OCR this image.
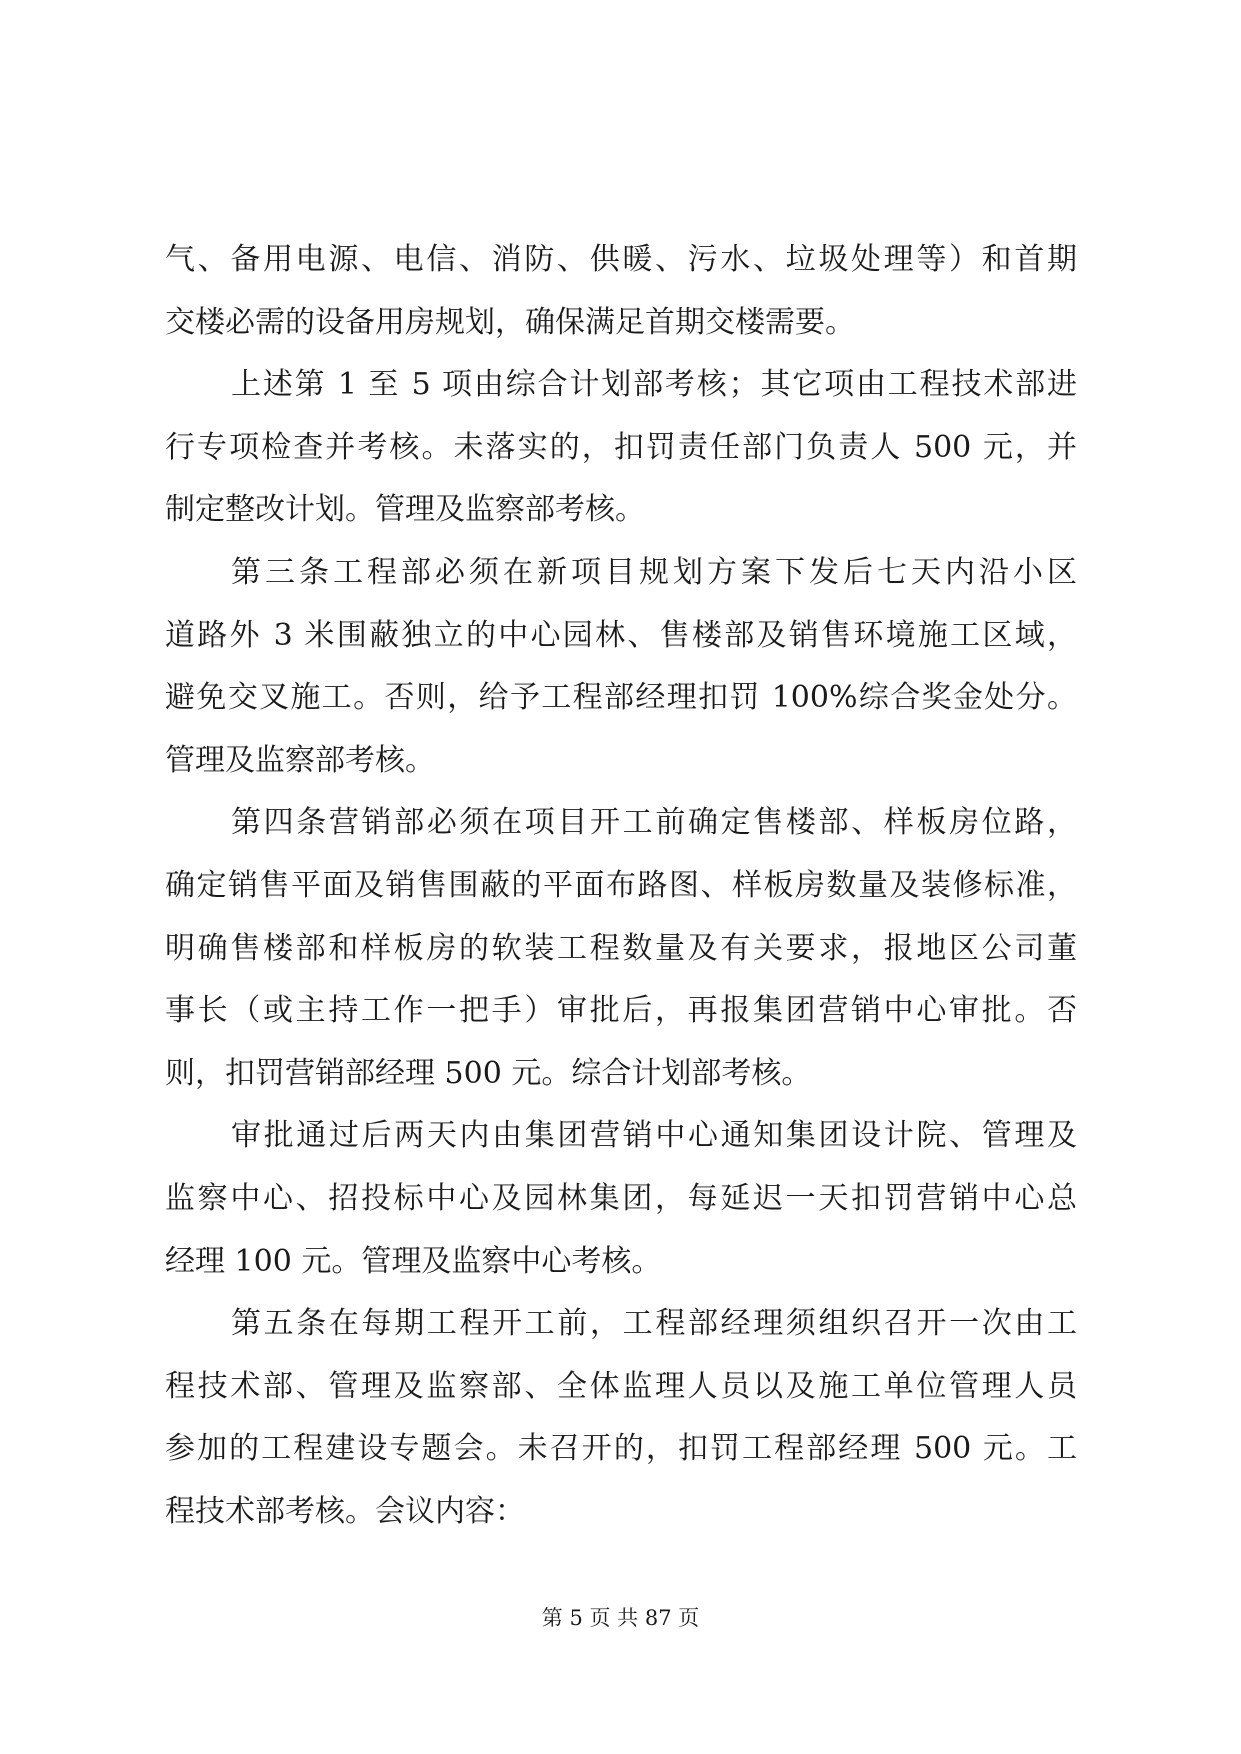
气、备用电源、电信、消防、供暖、污水、垃圾处理等）和首期
交楼必需的设备用房规划，确保满足首期交楼需要。
上述第 1 至 5 项由综合计划部考核；其它项由工程技术部进
行专项检查并考核。未落实的，扣罚责任部门负责人 500 元，并
制定整改计划。管理及监察部考核。
第三条工程部必须在新项目规划方案下发后七天内沿小区
道路外 3 米围蔽独立的中心园林、售楼部及销售环境施工区域，
避免交叉施工。否则，给予工程部经理扣罚 100%综合奖金处分。
管理及监察部考核。
第四条营销部必须在项目开工前确定售楼部、样板房位路，
确定销售平面及销售围蔽的平面布路图、样板房数量及装修标准，
明确售楼部和样板房的软装工程数量及有关要求，报地区公司董
事长（或主持工作一把手）审批后，再报集团营销中心审批。否
则，扣罚营销部经理 500 元。综合计划部考核。
审批通过后两天内由集团营销中心通知集团设计院、管理及
监察中心、招投标中心及园林集团，每延迟一天扣罚营销中心总
经理 100 元。管理及监察中心考核。
第五条在每期工程开工前，工程部经理须组织召开一次由工
程技术部、管理及监察部、全体监理人员以及施工单位管理人员
参加的工程建设专题会。未召开的，扣罚工程部经理 500 元。工
程技术部考核。会议内容：
第 5 页 共 87 页
